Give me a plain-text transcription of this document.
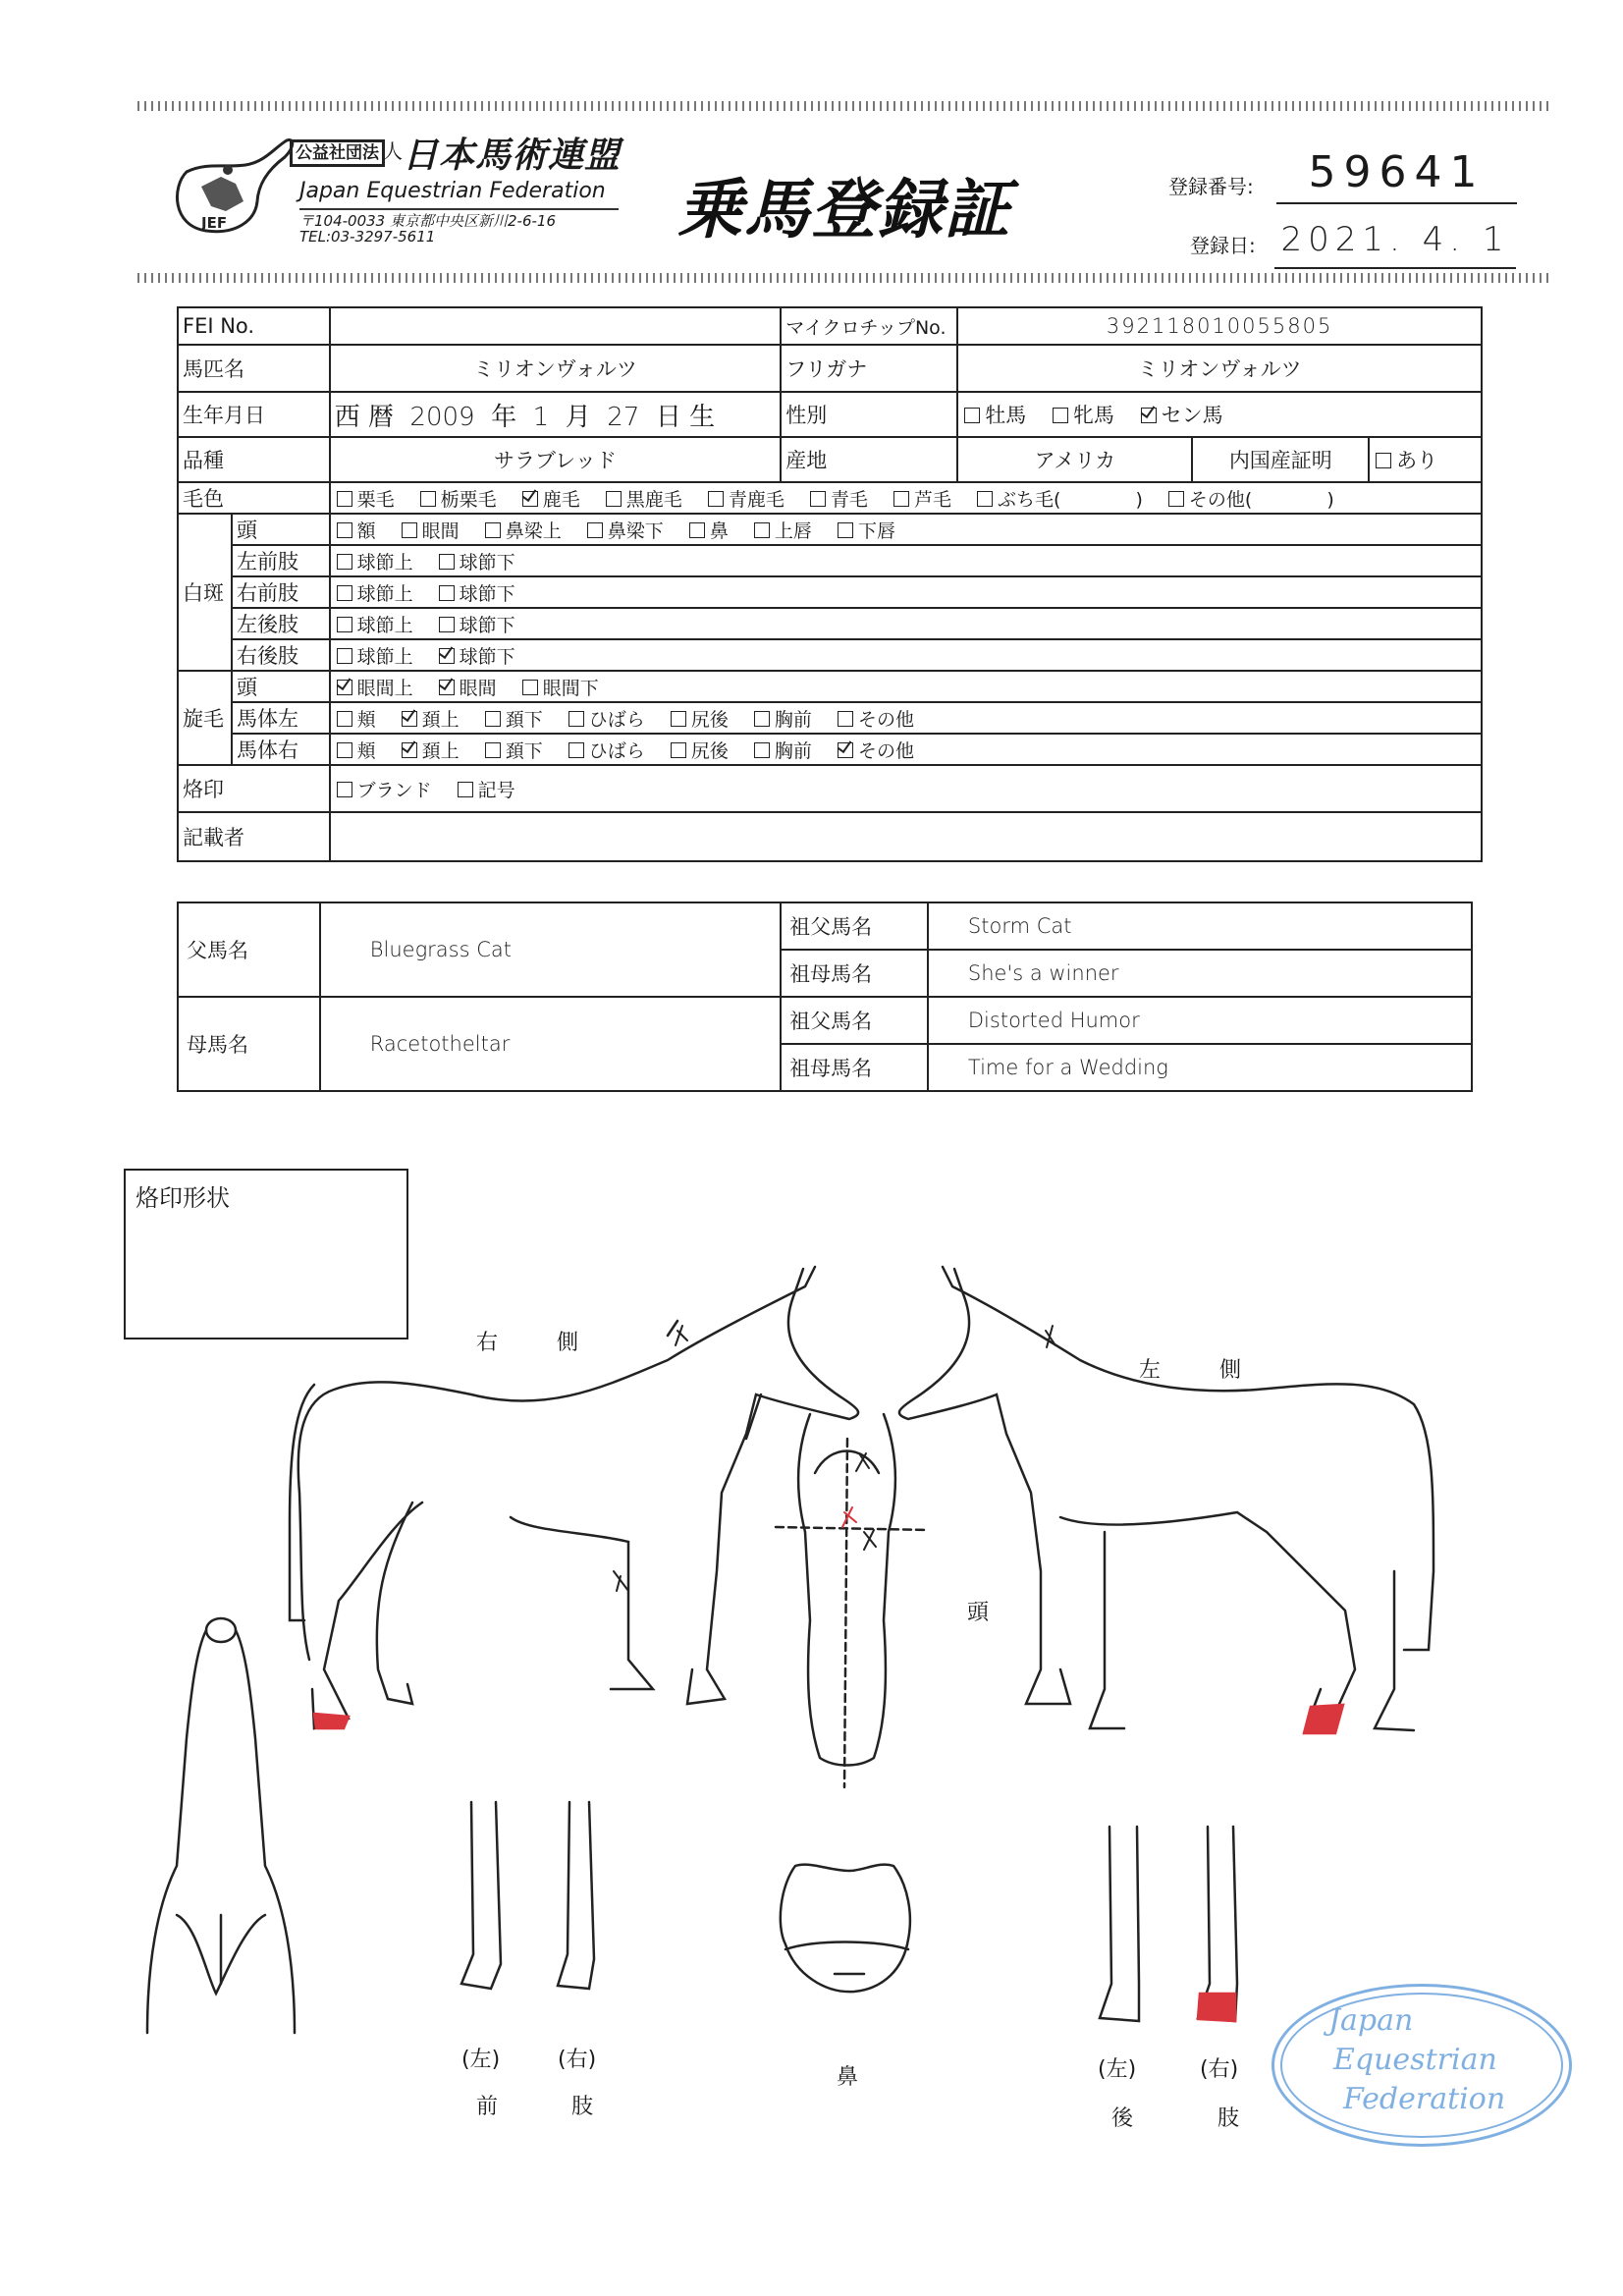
JEF
公益社団法 人 日本馬術連盟
Japan Equestrian Federation
〒104-0033 東京都中央区新川2-6-16
TEL:03-3297-5611	乗馬登録証	登録番号:	59641
登録日: 2021. 4. 1
FEI No.			マイクロチップNo.	392118010055805		
馬匹名		ミリオンヴォルツ	フリガナ	ミリオンヴォルツ		
生年月日		西 暦 2009 年 1 月 27 日 生	性別	牡馬 牝馬 セン馬		
品種		サラブレッド	産地	アメリカ	内国産証明	あり
毛色		栗毛 栃栗毛 鹿毛 黒鹿毛 青鹿毛 青毛 芦毛 ぶち毛(　　　　) その他(　　　　)				
白斑	頭	額 眼間 鼻梁上 鼻梁下 鼻 上唇 下唇				
	左前肢	球節上 球節下				
	右前肢	球節上 球節下				
	左後肢	球節上 球節下				
	右後肢	球節上 球節下				
旋毛	頭	眼間上 眼間 眼間下				
	馬体左	頬 頚上 頚下 ひばら 尻後 胸前 その他				
	馬体右	頬 頚上 頚下 ひばら 尻後 胸前 その他				
烙印		ブランド 記号				
記載者						
父馬名	Bluegrass Cat	祖父馬名	Storm Cat
		祖母馬名	She's a winner
母馬名	Racetotheltar	祖父馬名	Distorted Humor
		祖母馬名	Time for a Wedding
烙印形状
右側
左側
頭
鼻
(左)	(右)
前	肢
(左)	(右)
後	肢
Japan
Equestrian
Federation
